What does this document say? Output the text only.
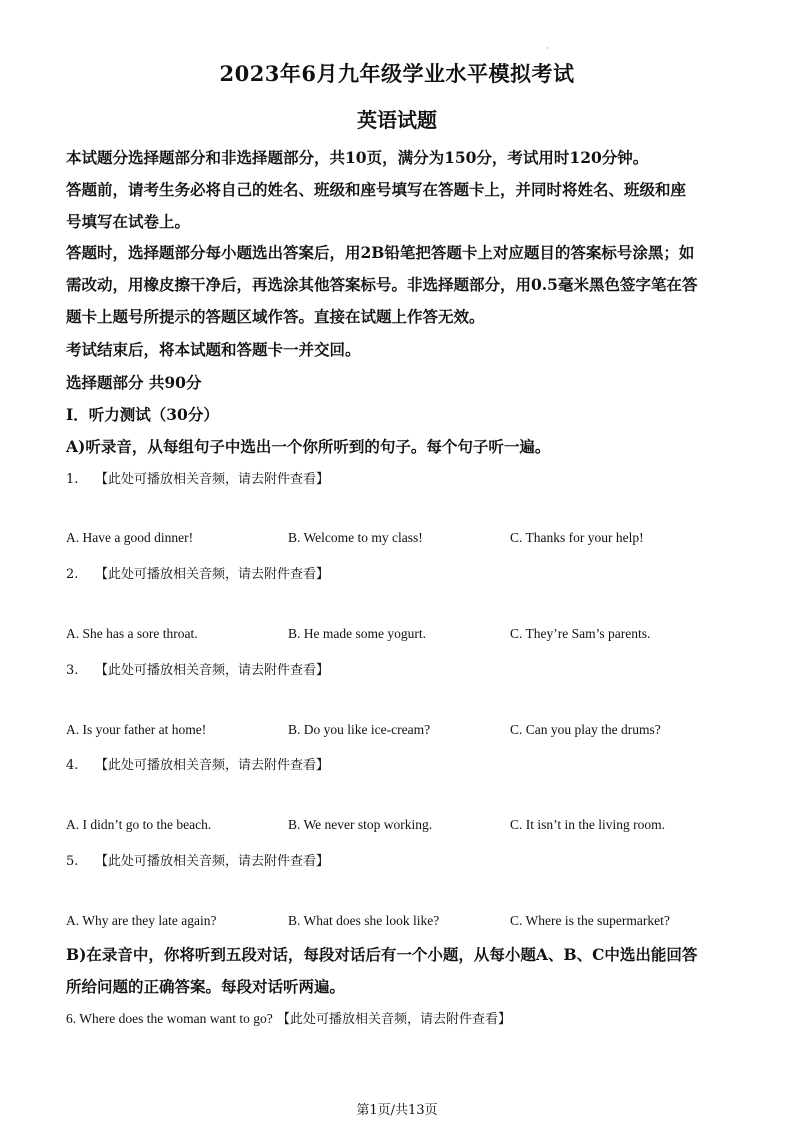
·
2023年6月九年级学业水平模拟考试
英语试题
本试题分选择题部分和非选择题部分，共10页，满分为150分，考试用时120分钟。
答题前，请考生务必将自己的姓名、班级和座号填写在答题卡上，并同时将姓名、班级和座
号填写在试卷上。
答题时，选择题部分每小题选出答案后，用2B铅笔把答题卡上对应题目的答案标号涂黑；如
需改动，用橡皮擦干净后，再选涂其他答案标号。非选择题部分，用0.5毫米黑色签字笔在答
题卡上题号所提示的答题区域作答。直接在试题上作答无效。
考试结束后，将本试题和答题卡一并交回。
选择题部分 共90分
I．听力测试（30分）
A)听录音，从每组句子中选出一个你所听到的句子。每个句子听一遍。
1. 【此处可播放相关音频，请去附件查看】
A. Have a good dinner!	B. Welcome to my class!	C. Thanks for your help!
2. 【此处可播放相关音频，请去附件查看】
A. She has a sore throat.	B. He made some yogurt.	C. They’re Sam’s parents.
3. 【此处可播放相关音频，请去附件查看】
A. Is your father at home!	B. Do you like ice-cream?	C. Can you play the drums?
4. 【此处可播放相关音频，请去附件查看】
A. I didn’t go to the beach.	B. We never stop working.	C. It isn’t in the living room.
5. 【此处可播放相关音频，请去附件查看】
A. Why are they late again?	B. What does she look like?	C. Where is the supermarket?
B)在录音中，你将听到五段对话，每段对话后有一个小题，从每小题A、B、C中选出能回答
所给问题的正确答案。每段对话听两遍。
6. Where does the woman want to go? 【此处可播放相关音频，请去附件查看】
第1页/共13页
